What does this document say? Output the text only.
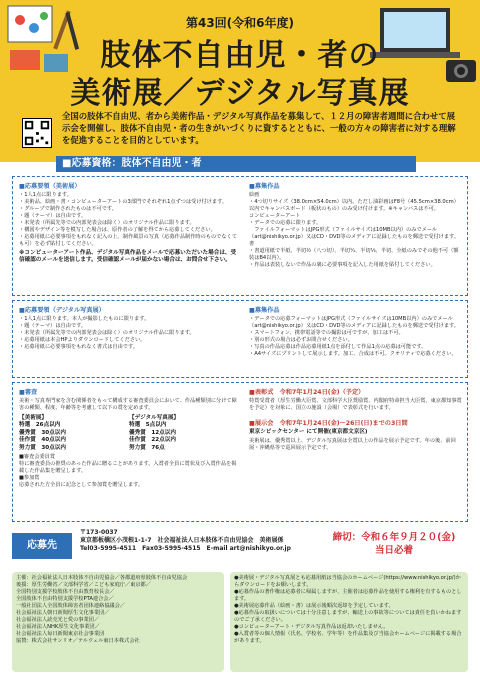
第43回(令和6年度)
肢体不自由児・者の
美術展／デジタル写真展
全国の肢体不自由児、者から美術作品・デジタル写真作品を募集して、１２月の障害者週間に合わせて展示会を開催し、肢体不自由児・者の生きがいづくりに資するとともに、一般の方々の障害者に対する理解を促進することを目的としています。
■応募資格：肢体不自由児・者
■応募要領（美術展）
・1人1点に限ります。
・美術品、絵画・書・コンピューターアートの3部門でそれぞれ1点ずつは受け付けます。
・グループで制作されたものは不可です。
・題（テーマ）は自由です。
・未発表（所属先等での内部発表会は除く）のオリジナル作品に限ります。
・構図やデザイン等を模写した場合は、原作者の了解を得てから応募してください。
・応募用紙に必要事項をもれなく記入の上、制作風景の写真（応募作品制作時のものでなくても可）を必ず貼付してください。
※コンピューターアート作品、デジタル写真作品をメールで応募いただいた場合は、受信確認のメールを送信します。受信確認メールが届かない場合は、お問合せ下さい。
■募集作品
絵画
・4つ切りサイズ（38.0cm×54.0cm）以内。ただし油彩画はF8号（45.5cm×38.0cm）以内でキャンバスボード（板状のもの）のみ受け付けます。※キャンバスは不可。
コンピューターアート
・データでの応募に限ります。
　ファイルフォーマットはJPG形式（ファイルサイズは10MB以内）のみでメール（art@nishikyo.or.jp）又はCD・DVD等のメディアに記録したものを郵送で受付けます。
書
・書道用紙で半紙、半切½（八つ切）、半切¼、半切⅓、半切、全紙のみでその他不可（額装はB4以内）。
・作品は表装しないで作品の裏に必要事項を記入した用紙を貼付してください。
■応募要領（デジタル写真展）
・1人1点に限ります。本人が撮影したものに限ります。
・題（テーマ）は自由です。
・未発表（所属先等での内部発表会は除く）のオリジナル作品に限ります。
・応募用紙は本会HPよりダウンロードしてください。
・応募用紙に必要事項をもれなく書式は自由です。
■募集作品
・データでの応募フォーマットはJPG形式（ファイルサイズは10MB以内）のみでメール（art@nishikyo.or.jp）又はCD・DVD等のメディアに記録したものを郵送で受付けます。
・スマートフォン、携帯電話等での撮影は可ですが、加工は不可。
・別の形式の場合は必ずお問合せください。
・写真の作品応募は作品応募用紙1点を添付して作品1点の応募は可能です。
・A4サイズにプリントして展示します。加工、合成は不可。クオリティで応募ください。
■審査
美術・写真専門家を含む関係者をもって構成する審査委員会において、作品種類別に分けて障害の種類、程度、年齢等を考慮して以下の賞を定めます。
【美術展】
特選　26点以内
優秀賞　30点以内
佳作賞　40点以内
努力賞　30点以内
【デジタル写真展】
特選　5点以内
優秀賞　12点以内
佳作賞　22点以内
努力賞　76点
■審査会委員賞
特に審査委員の推奨のあった作品に贈ることがあります。入賞者全員に賞状及び入賞作品を掲載した作品集を贈呈します。
■参加賞
応募された方全員に記念として参加賞を贈呈します。
■表彰式　令和7年1月24日(金)（予定）
特賞受賞者（厚生労働大臣賞、文部科学大臣奨励賞、内閣府特命担当大臣賞、東京都知事賞を予定）を対象に、国立の施設（会場）で表彰式を行います。
■展示会　令和7年1月24日(金)〜26日(日)までの3日間
東京シビックセンター にて開催(東京都文京区)
美術展は、優秀賞以上、デジタル写真展は全賞以上の作品を展示予定です。年の後、前回展・沖縄県等で巡回展示予定です。
応募先
〒173-0037
東京都板橋区小茂根1-1-7　社会福祉法人日本肢体不自由児協会　美術展係
Tel03-5995-4511　Fax03-5995-4515　E-mail art@nishikyo.or.jp
締切：令和６年９月２０(金)
当日必着
主催：社会福祉法人日本肢体不自由児協会／各都道府県肢体不自由児協会
後援：厚生労働省／文部科学省／こども家庭庁／東京都／
全国特別支援学校肢体不自由教育校長会／
全国肢体不自由特別支援学校PTA連合会／
一般社団法人全国肢体障害者団体連絡協議会／
社会福祉法人朝日新聞厚生文化事業団／
社会福祉法人読売光と愛の事業団／
社会福祉法人NHK厚生文化事業団／
社会福祉法人毎日新聞東京社会事業団
協賛：株式会社サンリオ／テルウェル東日本株式会社
●美術展・デジタル写真展とも応募用紙は当協会のホームページ(https://www.nishikyo.or.jp/)からダウンロードをお願いします。
●応募作品の著作権は応募者に帰属しますが、主催者は応募作品を使用する権利を有するものとします。
●美術展応募作品（絵画・書）は展示後順次返却を予定しています。
●応募作品の取扱いについては十分注意しますが、輸送上の事故等については責任を負いかねますのでご了承ください。
●コンピューターアート・デジタル写真作品は返却いたしません。
●入賞者等の個人情報（氏名、学校名、学年等）を作品集及び当協会ホームページに掲載する場合があります。
